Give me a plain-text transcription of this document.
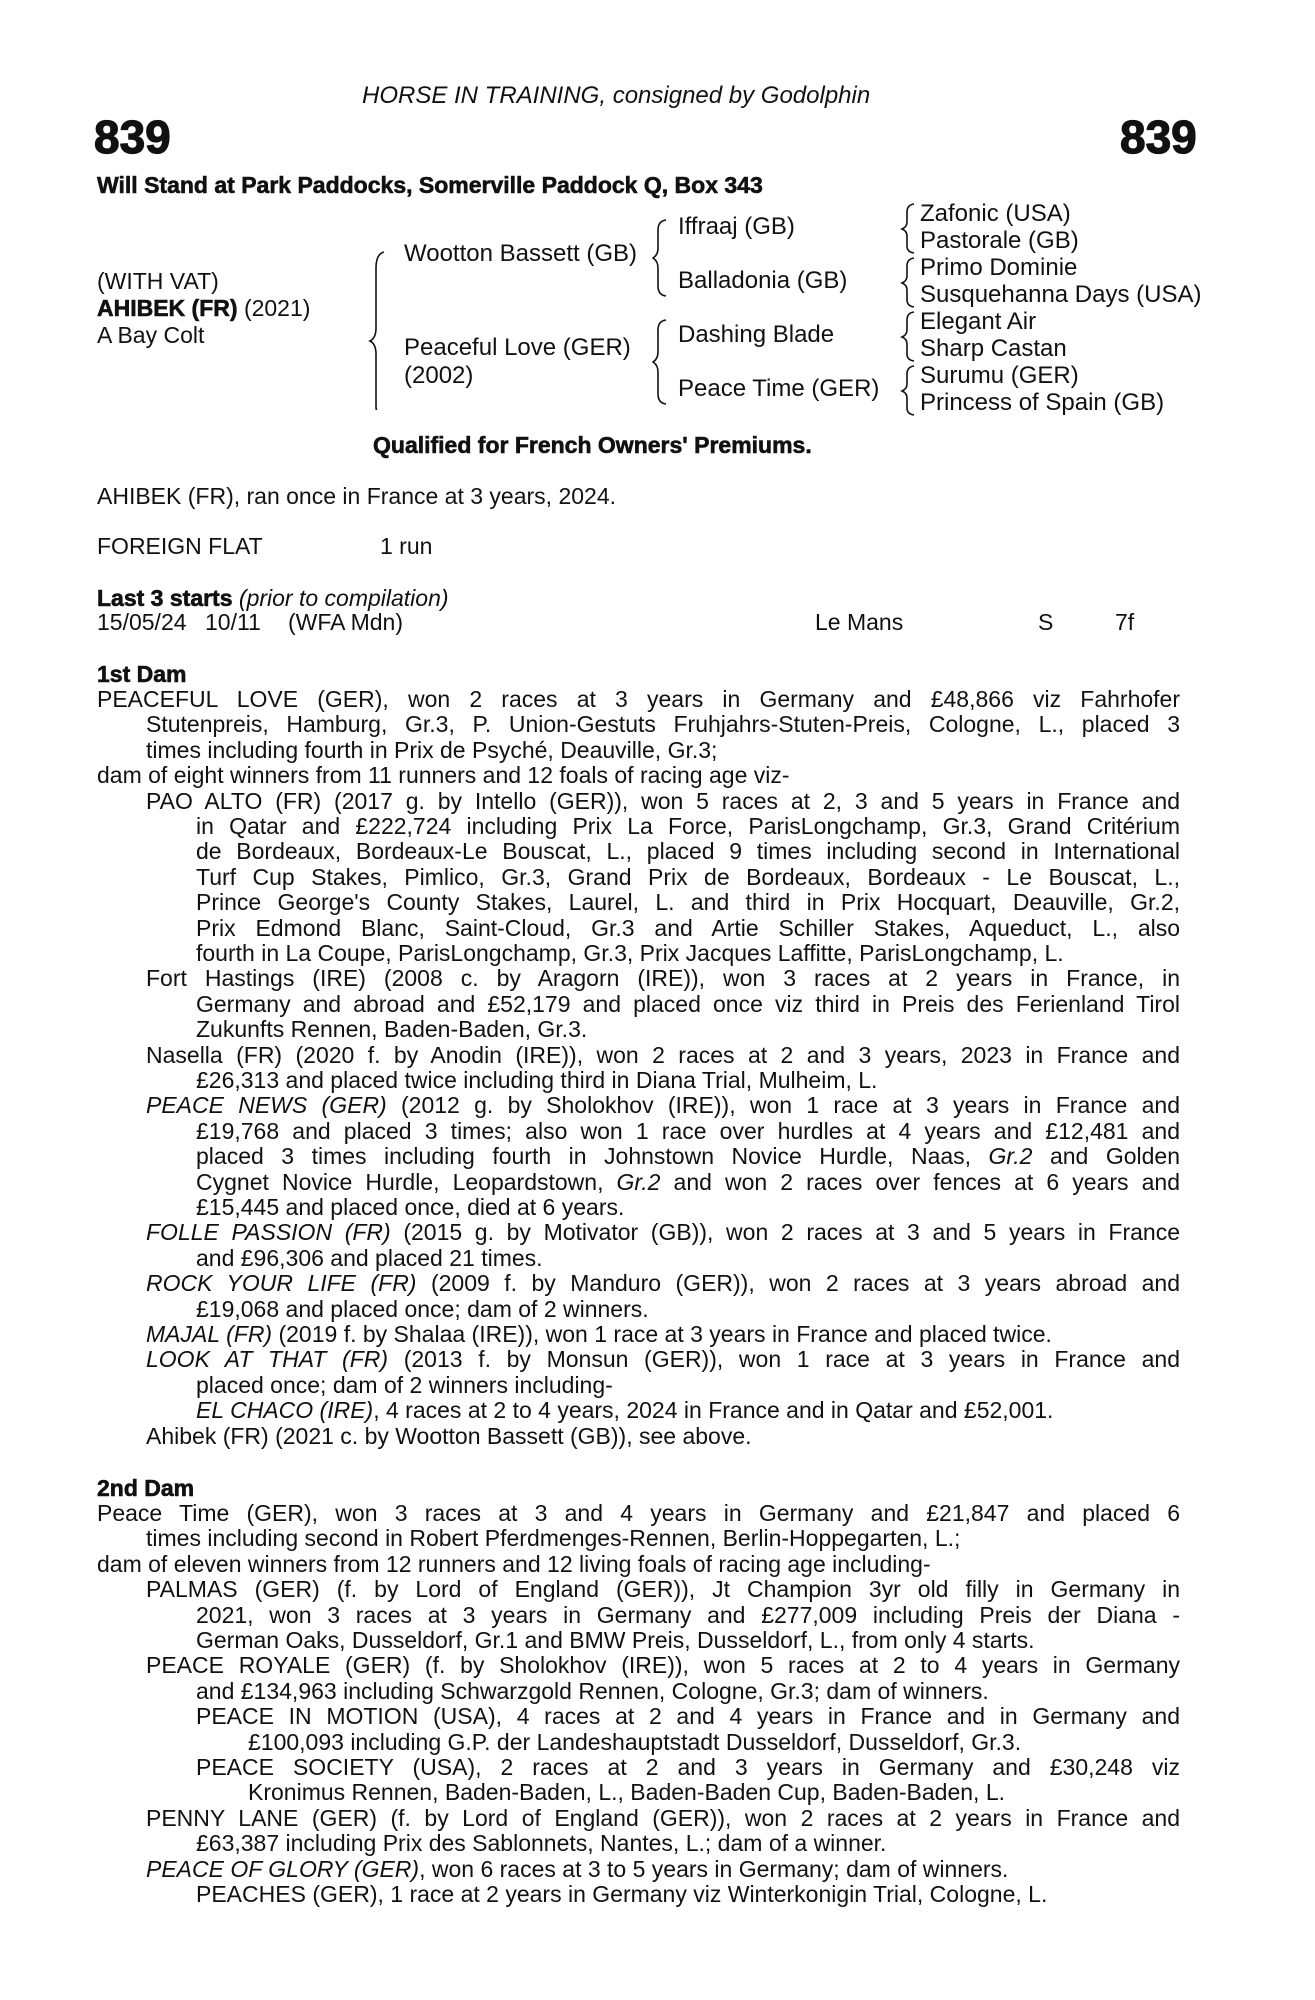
HORSE IN TRAINING, consigned by Godolphin
839	839
Will Stand at Park Paddocks, Somerville Paddock Q, Box 343
(WITH VAT)
AHIBEK (FR) (2021)
A Bay Colt
Wootton Bassett (GB)
Peaceful Love (GER)
(2002)
Iffraaj (GB)
Balladonia (GB)
Dashing Blade
Peace Time (GER)
Zafonic (USA)
Pastorale (GB)
Primo Dominie
Susquehanna Days (USA)
Elegant Air
Sharp Castan
Surumu (GER)
Princess of Spain (GB)
Qualified for French Owners' Premiums.
AHIBEK (FR), ran once in France at 3 years, 2024.
FOREIGN FLAT	1 run
Last 3 starts (prior to compilation)
15/05/24 10/11 (WFA Mdn)	Le Mans	S	7f
1st Dam
PEACEFUL LOVE (GER), won 2 races at 3 years in Germany and £48,866 viz Fahrhofer
Stutenpreis, Hamburg, Gr.3, P. Union-Gestuts Fruhjahrs-Stuten-Preis, Cologne, L., placed 3
times including fourth in Prix de Psyché, Deauville, Gr.3;
dam of eight winners from 11 runners and 12 foals of racing age viz-
PAO ALTO (FR) (2017 g. by Intello (GER)), won 5 races at 2, 3 and 5 years in France and
in Qatar and £222,724 including Prix La Force, ParisLongchamp, Gr.3, Grand Critérium
de Bordeaux, Bordeaux-Le Bouscat, L., placed 9 times including second in International
Turf Cup Stakes, Pimlico, Gr.3, Grand Prix de Bordeaux, Bordeaux - Le Bouscat, L.,
Prince George's County Stakes, Laurel, L. and third in Prix Hocquart, Deauville, Gr.2,
Prix Edmond Blanc, Saint-Cloud, Gr.3 and Artie Schiller Stakes, Aqueduct, L., also
fourth in La Coupe, ParisLongchamp, Gr.3, Prix Jacques Laffitte, ParisLongchamp, L.
Fort Hastings (IRE) (2008 c. by Aragorn (IRE)), won 3 races at 2 years in France, in
Germany and abroad and £52,179 and placed once viz third in Preis des Ferienland Tirol
Zukunfts Rennen, Baden-Baden, Gr.3.
Nasella (FR) (2020 f. by Anodin (IRE)), won 2 races at 2 and 3 years, 2023 in France and
£26,313 and placed twice including third in Diana Trial, Mulheim, L.
PEACE NEWS (GER) (2012 g. by Sholokhov (IRE)), won 1 race at 3 years in France and
£19,768 and placed 3 times; also won 1 race over hurdles at 4 years and £12,481 and
placed 3 times including fourth in Johnstown Novice Hurdle, Naas, Gr.2 and Golden
Cygnet Novice Hurdle, Leopardstown, Gr.2 and won 2 races over fences at 6 years and
£15,445 and placed once, died at 6 years.
FOLLE PASSION (FR) (2015 g. by Motivator (GB)), won 2 races at 3 and 5 years in France
and £96,306 and placed 21 times.
ROCK YOUR LIFE (FR) (2009 f. by Manduro (GER)), won 2 races at 3 years abroad and
£19,068 and placed once; dam of 2 winners.
MAJAL (FR) (2019 f. by Shalaa (IRE)), won 1 race at 3 years in France and placed twice.
LOOK AT THAT (FR) (2013 f. by Monsun (GER)), won 1 race at 3 years in France and
placed once; dam of 2 winners including-
EL CHACO (IRE), 4 races at 2 to 4 years, 2024 in France and in Qatar and £52,001.
Ahibek (FR) (2021 c. by Wootton Bassett (GB)), see above.
2nd Dam
Peace Time (GER), won 3 races at 3 and 4 years in Germany and £21,847 and placed 6
times including second in Robert Pferdmenges-Rennen, Berlin-Hoppegarten, L.;
dam of eleven winners from 12 runners and 12 living foals of racing age including-
PALMAS (GER) (f. by Lord of England (GER)), Jt Champion 3yr old filly in Germany in
2021, won 3 races at 3 years in Germany and £277,009 including Preis der Diana -
German Oaks, Dusseldorf, Gr.1 and BMW Preis, Dusseldorf, L., from only 4 starts.
PEACE ROYALE (GER) (f. by Sholokhov (IRE)), won 5 races at 2 to 4 years in Germany
and £134,963 including Schwarzgold Rennen, Cologne, Gr.3; dam of winners.
PEACE IN MOTION (USA), 4 races at 2 and 4 years in France and in Germany and
£100,093 including G.P. der Landeshauptstadt Dusseldorf, Dusseldorf, Gr.3.
PEACE SOCIETY (USA), 2 races at 2 and 3 years in Germany and £30,248 viz
Kronimus Rennen, Baden-Baden, L., Baden-Baden Cup, Baden-Baden, L.
PENNY LANE (GER) (f. by Lord of England (GER)), won 2 races at 2 years in France and
£63,387 including Prix des Sablonnets, Nantes, L.; dam of a winner.
PEACE OF GLORY (GER), won 6 races at 3 to 5 years in Germany; dam of winners.
PEACHES (GER), 1 race at 2 years in Germany viz Winterkonigin Trial, Cologne, L.
